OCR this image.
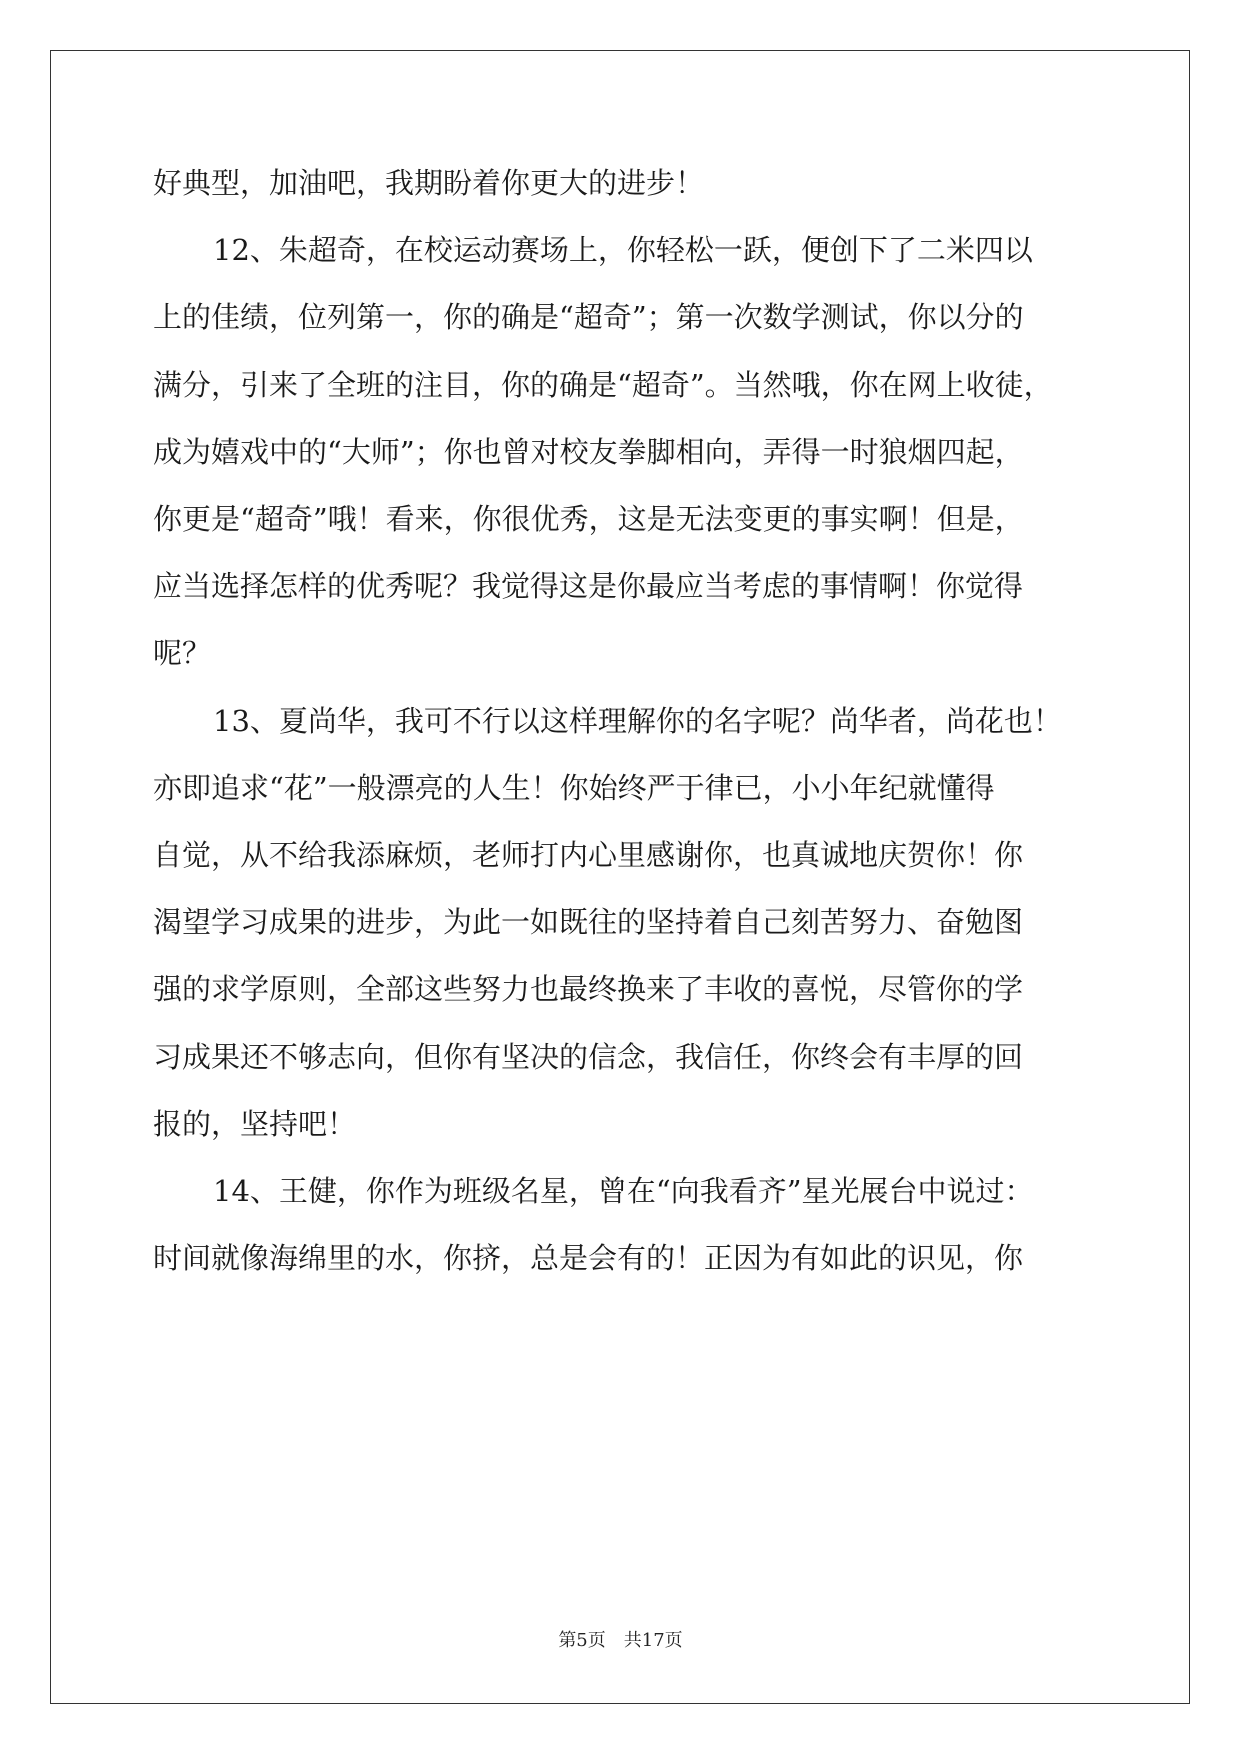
好典型，加油吧，我期盼着你更大的进步！

12、朱超奇，在校运动赛场上，你轻松一跃，便创下了二米四以
上的佳绩，位列第一，你的确是“超奇”；第一次数学测试，你以分的
满分，引来了全班的注目，你的确是“超奇”。当然哦，你在网上收徒，
成为嬉戏中的“大师”；你也曾对校友拳脚相向，弄得一时狼烟四起，
你更是“超奇”哦！看来，你很优秀，这是无法变更的事实啊！但是，
应当选择怎样的优秀呢？我觉得这是你最应当考虑的事情啊！你觉得
呢？

13、夏尚华，我可不行以这样理解你的名字呢？尚华者，尚花也！
亦即追求“花”一般漂亮的人生！你始终严于律已，小小年纪就懂得
自觉，从不给我添麻烦，老师打内心里感谢你，也真诚地庆贺你！你
渴望学习成果的进步，为此一如既往的坚持着自己刻苦努力、奋勉图
强的求学原则，全部这些努力也最终换来了丰收的喜悦，尽管你的学
习成果还不够志向，但你有坚决的信念，我信任，你终会有丰厚的回
报的，坚持吧！

14、王健，你作为班级名星，曾在“向我看齐”星光展台中说过：
时间就像海绵里的水，你挤，总是会有的！正因为有如此的识见，你

第5页　共17页
